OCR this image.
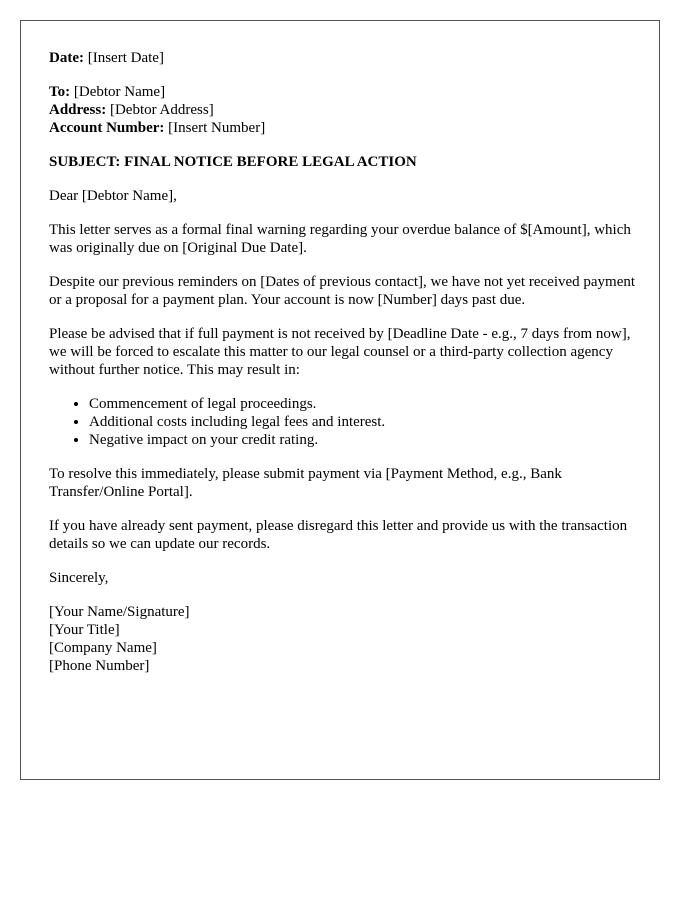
Date: [Insert Date]
To: [Debtor Name]
Address: [Debtor Address]
Account Number: [Insert Number]
SUBJECT: FINAL NOTICE BEFORE LEGAL ACTION

Dear [Debtor Name],

This letter serves as a formal final warning regarding your overdue balance of $[Amount], which was originally due on [Original Due Date].

Despite our previous reminders on [Dates of previous contact], we have not yet received payment or a proposal for a payment plan. Your account is now [Number] days past due.

Please be advised that if full payment is not received by [Deadline Date - e.g., 7 days from now], we will be forced to escalate this matter to our legal counsel or a third-party collection agency without further notice. This may result in:

• Commencement of legal proceedings.
• Additional costs including legal fees and interest.
• Negative impact on your credit rating.

To resolve this immediately, please submit payment via [Payment Method, e.g., Bank Transfer/Online Portal].

If you have already sent payment, please disregard this letter and provide us with the transaction details so we can update our records.

Sincerely,

[Your Name/Signature]
[Your Title]
[Company Name]
[Phone Number]
